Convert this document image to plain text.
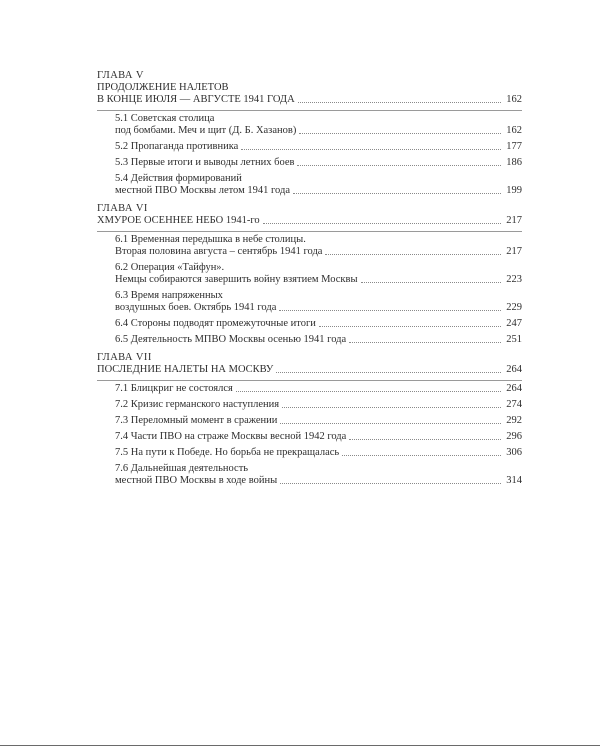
ГЛАВА V
ПРОДОЛЖЕНИЕ НАЛЕТОВ
В КОНЦЕ ИЮЛЯ — АВГУСТЕ 1941 ГОДА	162
5.1 Советская столица
под бомбами. Меч и щит (Д. Б. Хазанов)	162
5.2 Пропаганда противника	177
5.3 Первые итоги и выводы летних боев	186
5.4 Действия формирований
местной ПВО Москвы летом 1941 года	199
ГЛАВА VI
ХМУРОЕ ОСЕННЕЕ НЕБО 1941-го	217
6.1 Временная передышка в небе столицы.
Вторая половина августа – сентябрь 1941 года	217
6.2 Операция «Тайфун».
Немцы собираются завершить войну взятием Москвы	223
6.3 Время напряженных
воздушных боев. Октябрь 1941 года	229
6.4 Стороны подводят промежуточные итоги	247
6.5 Деятельность МПВО Москвы осенью 1941 года	251
ГЛАВА VII
ПОСЛЕДНИЕ НАЛЕТЫ НА МОСКВУ	264
7.1 Блицкриг не состоялся	264
7.2 Кризис германского наступления	274
7.3 Переломный момент в сражении	292
7.4 Части ПВО на страже Москвы весной 1942 года	296
7.5 На пути к Победе. Но борьба не прекращалась	306
7.6 Дальнейшая деятельность
местной ПВО Москвы в ходе войны	314
